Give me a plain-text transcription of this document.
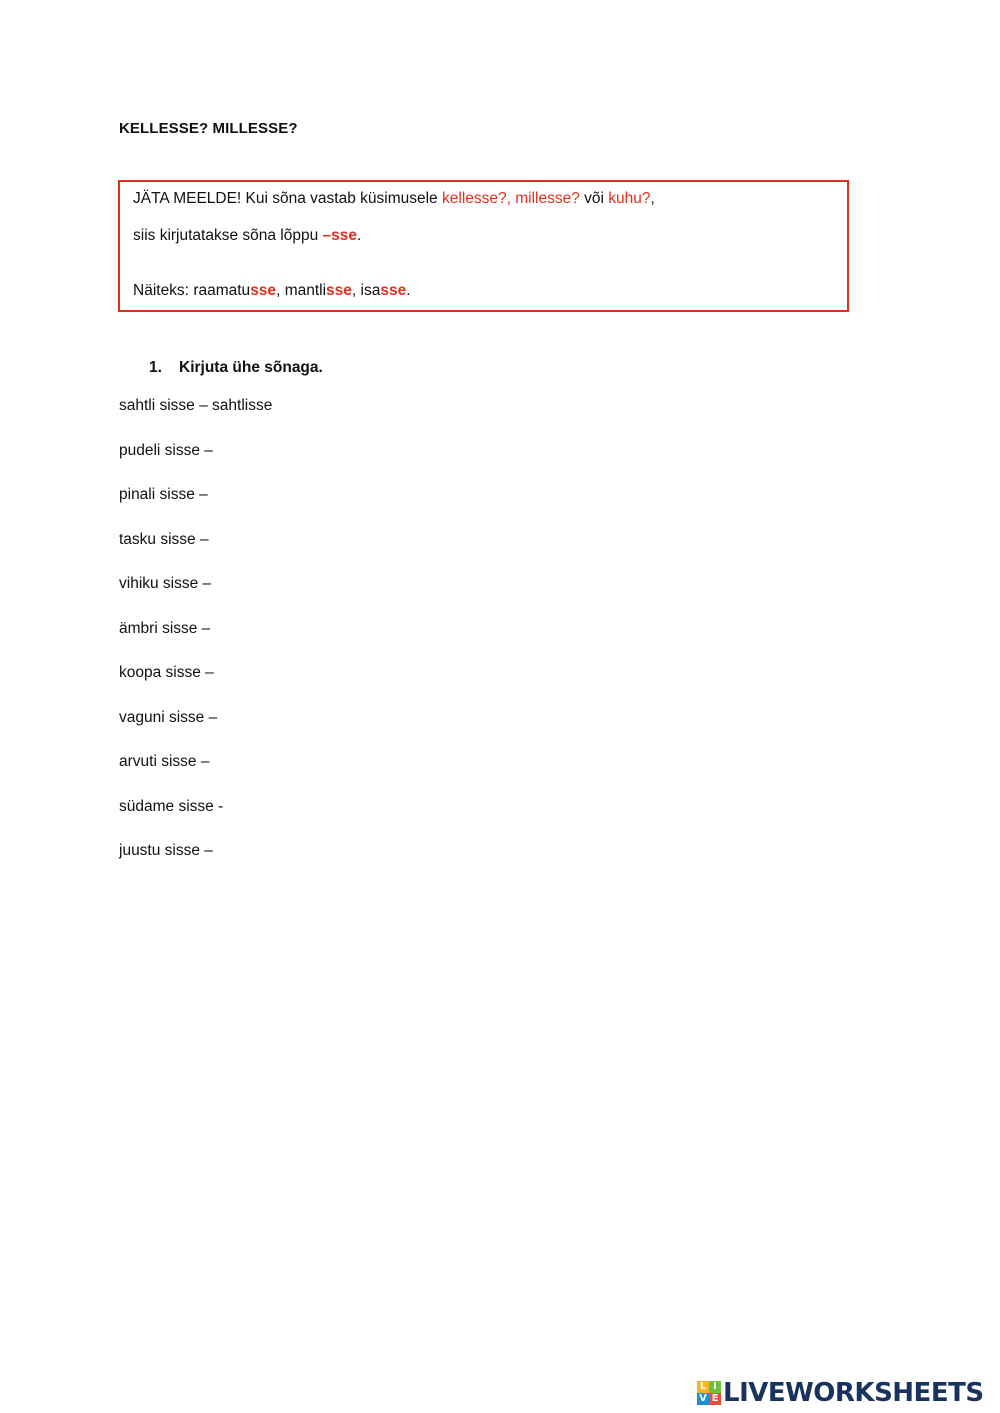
KELLESSE? MILLESSE?
JÄTA MEELDE! Kui sõna vastab küsimusele kellesse?, millesse? või kuhu?,
siis kirjutatakse sõna lõppu –sse.
Näiteks: raamatusse, mantlisse, isasse.
1. Kirjuta ühe sõnaga.
sahtli sisse – sahtlisse
pudeli sisse –
pinali sisse –
tasku sisse –
vihiku sisse –
ämbri sisse –
koopa sisse –
vaguni sisse –
arvuti sisse –
südame sisse -
juustu sisse –
L I
V E LIVEWORKSHEETS
